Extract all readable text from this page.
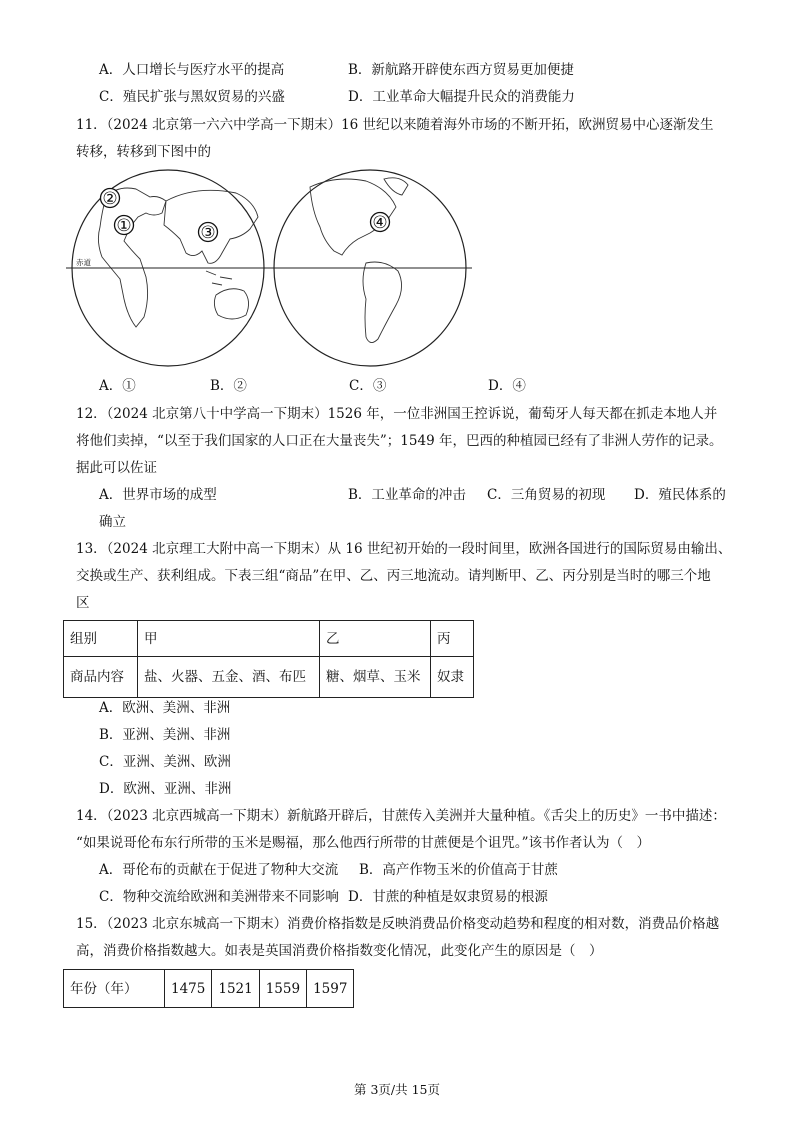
A．人口增长与医疗水平的提高	B．新航路开辟使东西方贸易更加便捷
C．殖民扩张与黑奴贸易的兴盛	D．工业革命大幅提升民众的消费能力
11．（2024 北京第一六六中学高一下期末）16 世纪以来随着海外市场的不断开拓，欧洲贸易中心逐渐发生
转移，转移到下图中的
赤道
②
①	③	④
A．①	B．②	C．③	D．④
12．（2024 北京第八十中学高一下期末）1526 年，一位非洲国王控诉说，葡萄牙人每天都在抓走本地人并
将他们卖掉，“以至于我们国家的人口正在大量丧失”；1549 年，巴西的种植园已经有了非洲人劳作的记录。
据此可以佐证
A．世界市场的成型	B．工业革命的冲击 C．三角贸易的初现 D．殖民体系的
确立
13．（2024 北京理工大附中高一下期末）从 16 世纪初开始的一段时间里，欧洲各国进行的国际贸易由输出、
交换或生产、获利组成。下表三组“商品”在甲、乙、丙三地流动。请判断甲、乙、丙分别是当时的哪三个地
区
组别	甲	乙	丙
商品内容	盐、火器、五金、酒、布匹	糖、烟草、玉米	奴隶
A．欧洲、美洲、非洲
B．亚洲、美洲、非洲
C．亚洲、美洲、欧洲
D．欧洲、亚洲、非洲
14．（2023 北京西城高一下期末）新航路开辟后，甘蔗传入美洲并大量种植。《舌尖上的历史》一书中描述：
“如果说哥伦布东行所带的玉米是赐福，那么他西行所带的甘蔗便是个诅咒。”该书作者认为（　）
A．哥伦布的贡献在于促进了物种大交流 B．高产作物玉米的价值高于甘蔗
C．物种交流给欧洲和美洲带来不同影响 D．甘蔗的种植是奴隶贸易的根源
15．（2023 北京东城高一下期末）消费价格指数是反映消费品价格变动趋势和程度的相对数，消费品价格越
高，消费价格指数越大。如表是英国消费价格指数变化情况，此变化产生的原因是（　）
年份（年）	1475	1521	1559	1597
第 3页/共 15页
